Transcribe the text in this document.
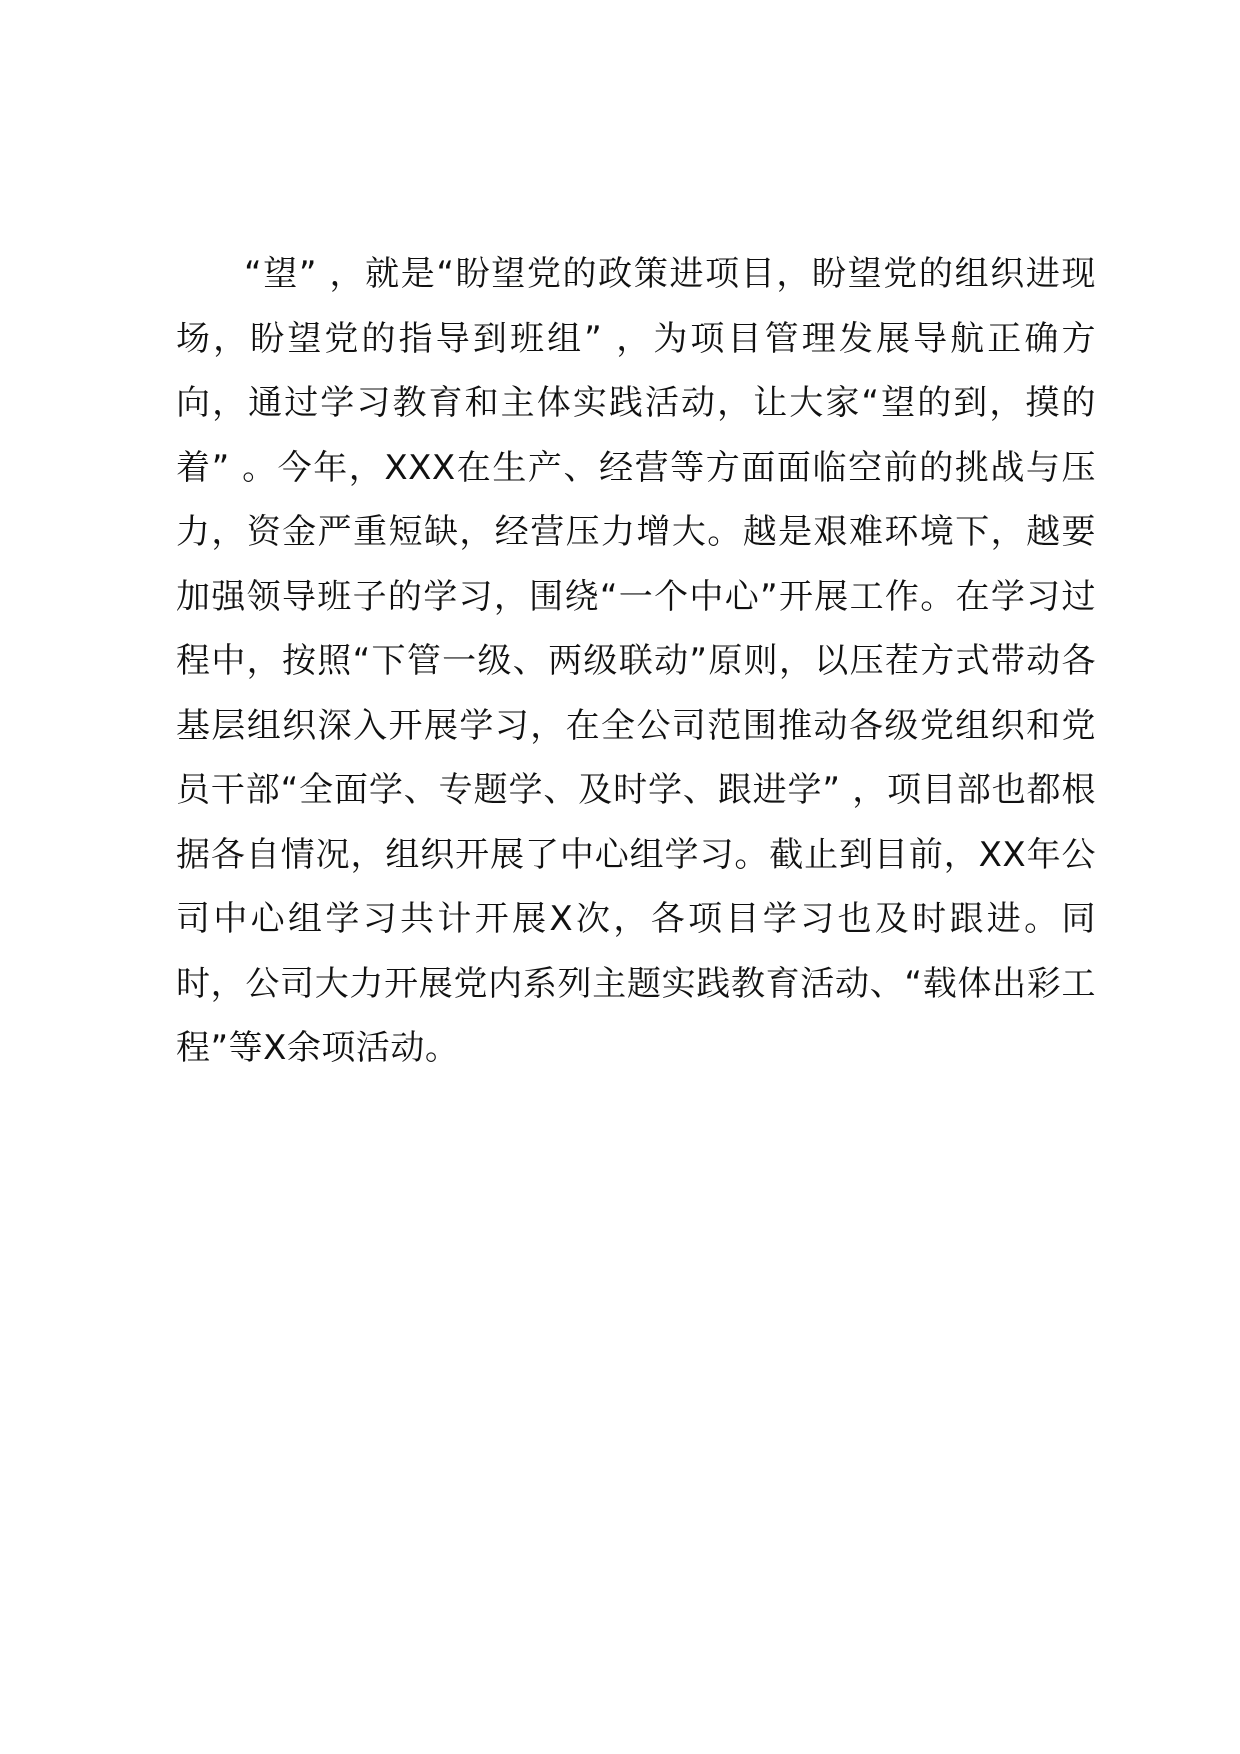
“望” ，就是“盼望党的政策进项目，盼望党的组织进现场，盼望党的指导到班组” ，为项目管理发展导航正确方向，通过学习教育和主体实践活动，让大家“望的到，摸的着” 。今年，XXX在生产、经营等方面面临空前的挑战与压力，资金严重短缺，经营压力增大。越是艰难环境下，越要加强领导班子的学习，围绕“一个中心”开展工作。在学习过程中，按照“下管一级、两级联动”原则，以压茬方式带动各基层组织深入开展学习，在全公司范围推动各级党组织和党员干部“全面学、专题学、及时学、跟进学” ，项目部也都根据各自情况，组织开展了中心组学习。截止到目前，XX年公司中心组学习共计开展X次，各项目学习也及时跟进。同时，公司大力开展党内系列主题实践教育活动、“载体出彩工程”等X余项活动。
